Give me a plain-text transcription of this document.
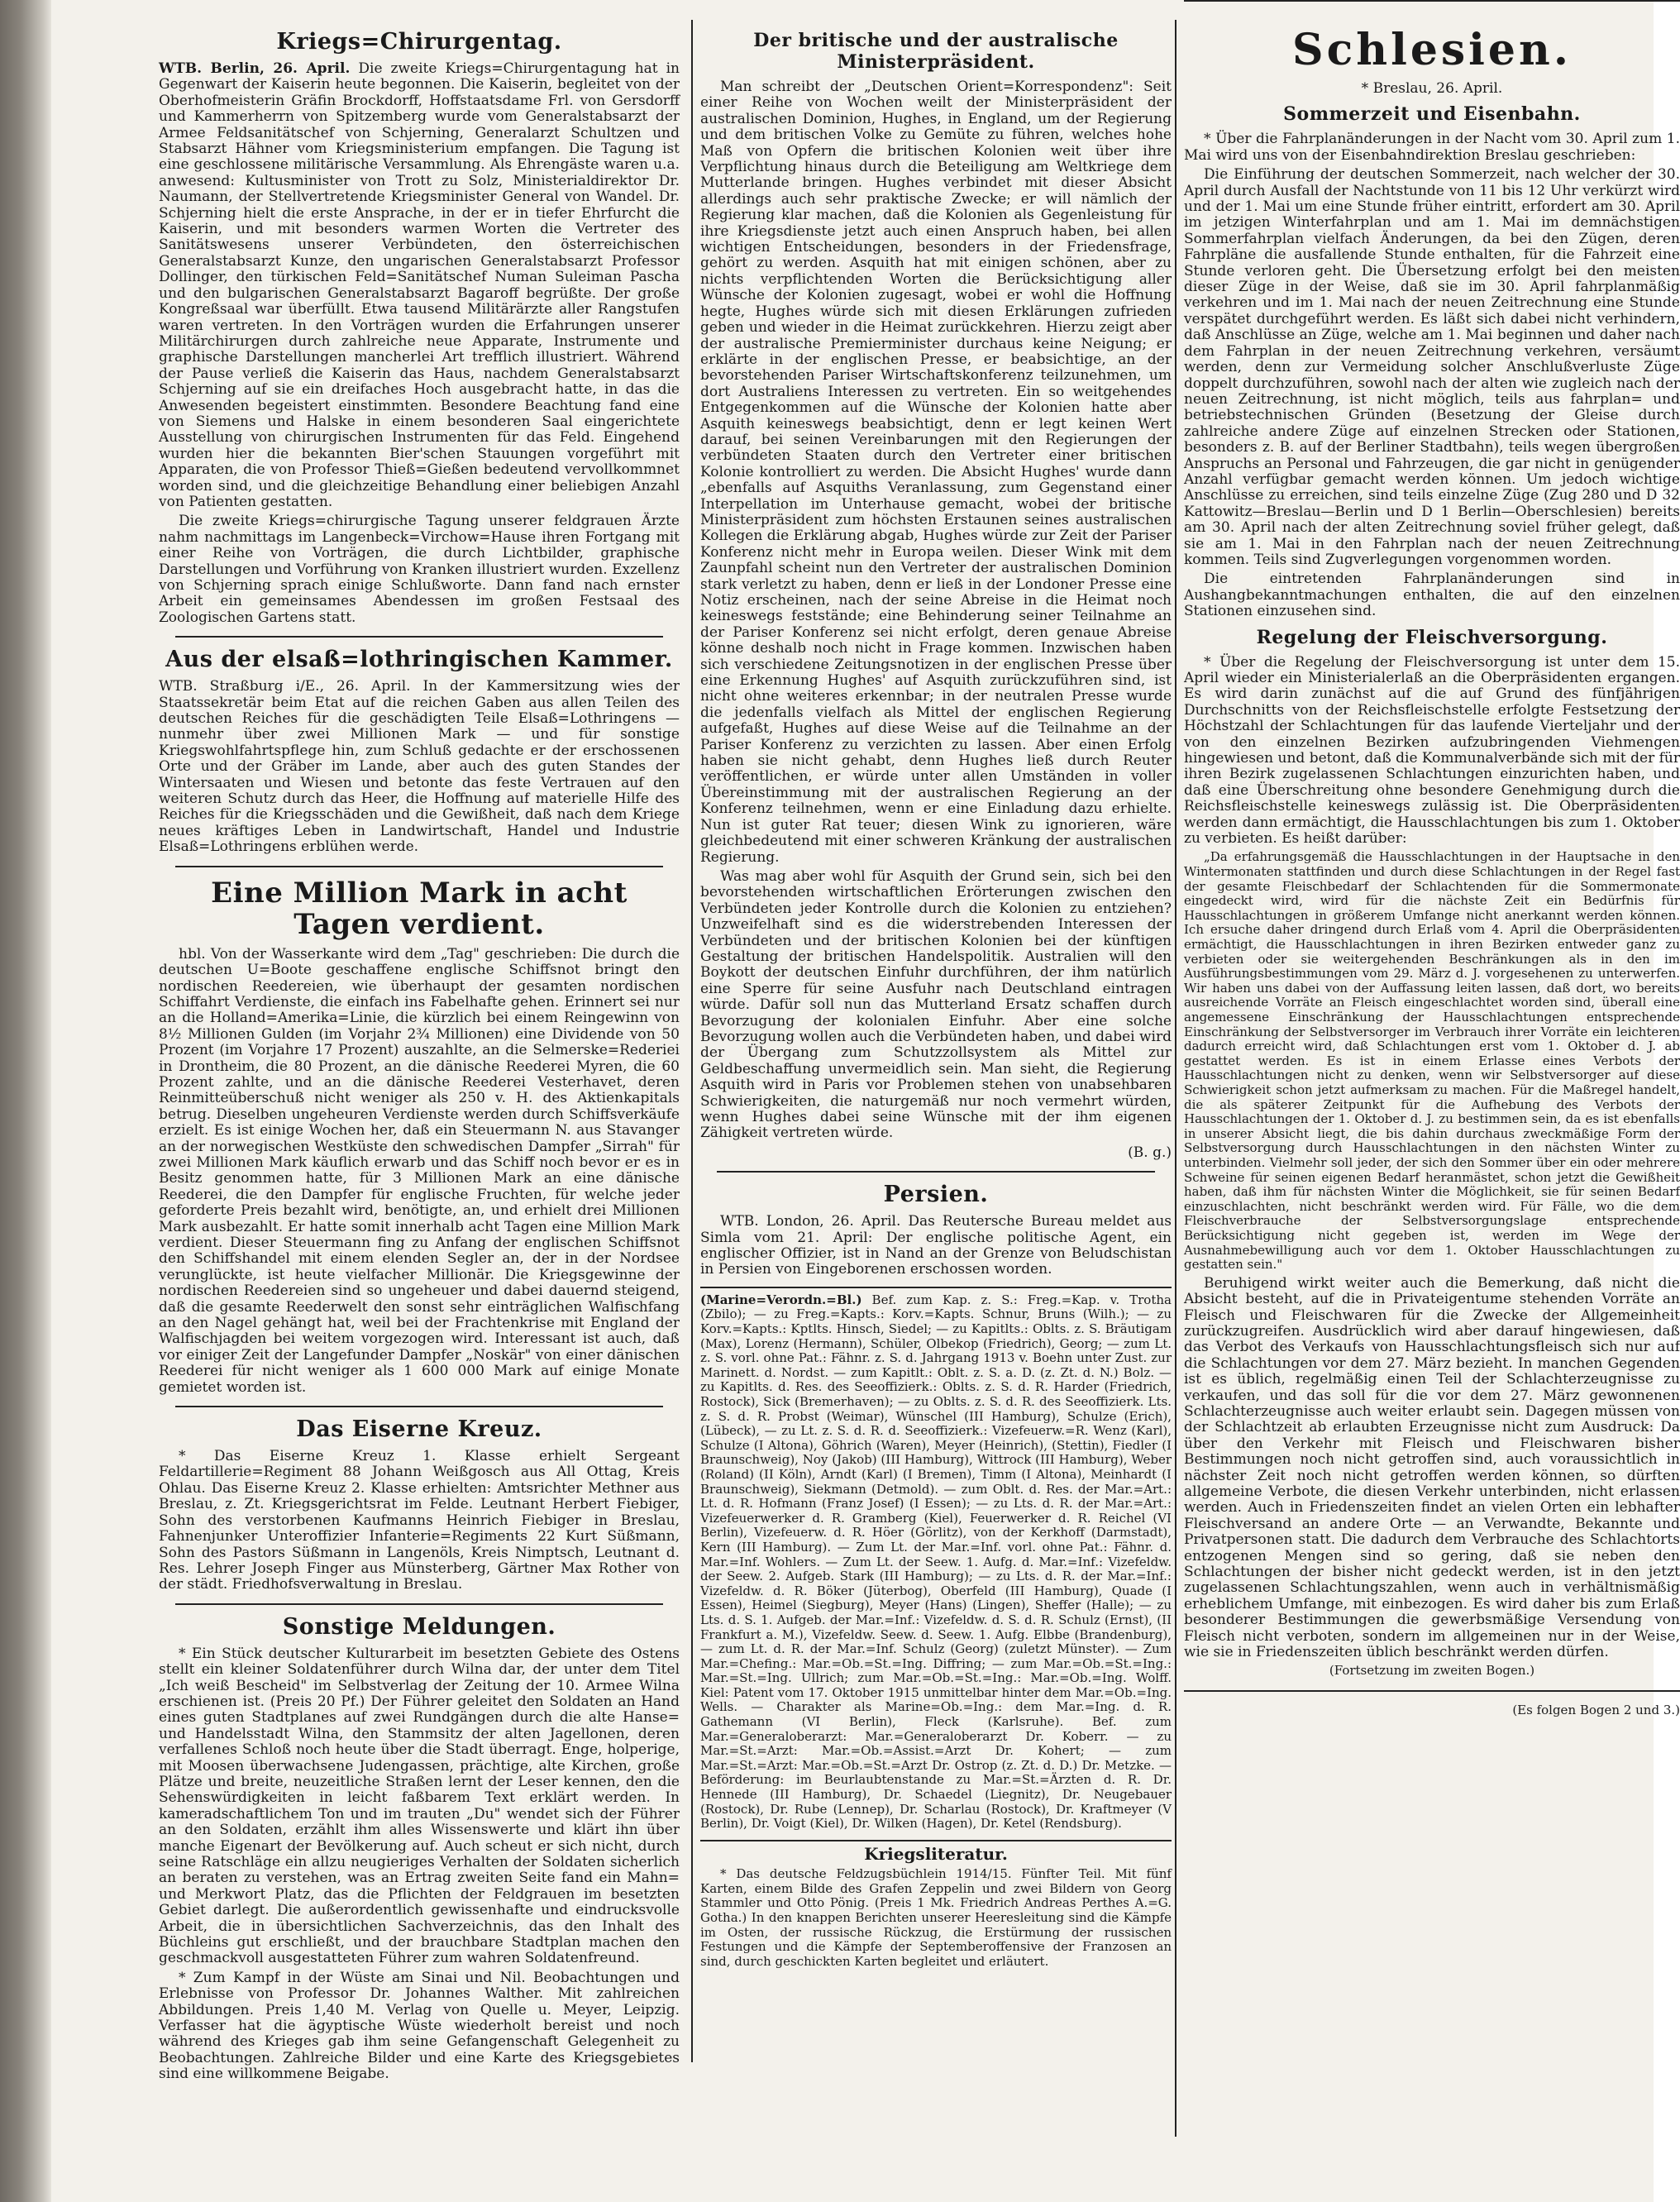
Kriegs=Chirurgentag.

WTB. Berlin, 26. April. Die zweite Kriegs=Chirurgentagung hat in Gegenwart der Kaiserin heute begonnen. Die Kaiserin, begleitet von der Oberhofmeisterin Gräfin Brockdorff, Hoffstaatsdame Frl. von Gersdorff und Kammerherrn von Spitzemberg wurde vom Generalstabsarzt der Armee Feldsanitätschef von Schjerning, Generalarzt Schultzen und Stabsarzt Hähner vom Kriegsministerium empfangen. Die Tagung ist eine geschlossene militärische Versammlung. Als Ehrengäste waren u.a. anwesend: Kultusminister von Trott zu Solz, Ministerialdirektor Dr. Naumann, der Stellvertretende Kriegsminister General von Wandel. Dr. Schjerning hielt die erste Ansprache, in der er in tiefer Ehrfurcht die Kaiserin, und mit besonders warmen Worten die Vertreter des Sanitätswesens unserer Verbündeten, den österreichischen Generalstabsarzt Kunze, den ungarischen Generalstabsarzt Professor Dollinger, den türkischen Feld=Sanitätschef Numan Suleiman Pascha und den bulgarischen Generalstabsarzt Bagaroff begrüßte. Der große Kongreßsaal war überfüllt. Etwa tausend Militärärzte aller Rangstufen waren vertreten. In den Vorträgen wurden die Erfahrungen unserer Militärchirurgen durch zahlreiche neue Apparate, Instrumente und graphische Darstellungen mancherlei Art trefflich illustriert. Während der Pause verließ die Kaiserin das Haus, nachdem Generalstabsarzt Schjerning auf sie ein dreifaches Hoch ausgebracht hatte, in das die Anwesenden begeistert einstimmten. Besondere Beachtung fand eine von Siemens und Halske in einem besonderen Saal eingerichtete Ausstellung von chirurgischen Instrumenten für das Feld. Eingehend wurden hier die bekannten Bier'schen Stauungen vorgeführt mit Apparaten, die von Professor Thieß=Gießen bedeutend vervollkommnet worden sind, und die gleichzeitige Behandlung einer beliebigen Anzahl von Patienten gestatten.

Die zweite Kriegs=chirurgische Tagung unserer feldgrauen Ärzte nahm nachmittags im Langenbeck=Virchow=Hause ihren Fortgang mit einer Reihe von Vorträgen, die durch Lichtbilder, graphische Darstellungen und Vorführung von Kranken illustriert wurden. Exzellenz von Schjerning sprach einige Schlußworte. Dann fand nach ernster Arbeit ein gemeinsames Abendessen im großen Festsaal des Zoologischen Gartens statt.

Aus der elsaß=lothringischen Kammer.

WTB. Straßburg i/E., 26. April. In der Kammersitzung wies der Staatssekretär beim Etat auf die reichen Gaben aus allen Teilen des deutschen Reiches für die geschädigten Teile Elsaß=Lothringens — nunmehr über zwei Millionen Mark — und für sonstige Kriegswohlfahrtspflege hin, zum Schluß gedachte er der erschossenen Orte und der Gräber im Lande, aber auch des guten Standes der Wintersaaten und Wiesen und betonte das feste Vertrauen auf den weiteren Schutz durch das Heer, die Hoffnung auf materielle Hilfe des Reiches für die Kriegsschäden und die Gewißheit, daß nach dem Kriege neues kräftiges Leben in Landwirtschaft, Handel und Industrie Elsaß=Lothringens erblühen werde.

Eine Million Mark in acht Tagen verdient.

hbl. Von der Wasserkante wird dem „Tag" geschrieben: Die durch die deutschen U=Boote geschaffene englische Schiffsnot bringt den nordischen Reedereien, wie überhaupt der gesamten nordischen Schiffahrt Verdienste, die einfach ins Fabelhafte gehen. Erinnert sei nur an die Holland=Amerika=Linie, die kürzlich bei einem Reingewinn von 8½ Millionen Gulden (im Vorjahr 2¾ Millionen) eine Dividende von 50 Prozent (im Vorjahre 17 Prozent) auszahlte, an die Selmerske=Rederiei in Drontheim, die 80 Prozent, an die dänische Reederei Myren, die 60 Prozent zahlte, und an die dänische Reederei Vesterhavet, deren Reinmitteüberschuß nicht weniger als 250 v. H. des Aktienkapitals betrug. Dieselben ungeheuren Verdienste werden durch Schiffsverkäufe erzielt. Es ist einige Wochen her, daß ein Steuermann N. aus Stavanger an der norwegischen Westküste den schwedischen Dampfer „Sirrah" für zwei Millionen Mark käuflich erwarb und das Schiff noch bevor er es in Besitz genommen hatte, für 3 Millionen Mark an eine dänische Reederei, die den Dampfer für englische Fruchten, für welche jeder geforderte Preis bezahlt wird, benötigte, an, und erhielt drei Millionen Mark ausbezahlt. Er hatte somit innerhalb acht Tagen eine Million Mark verdient. Dieser Steuermann fing zu Anfang der englischen Schiffsnot den Schiffshandel mit einem elenden Segler an, der in der Nordsee verunglückte, ist heute vielfacher Millionär. Die Kriegsgewinne der nordischen Reedereien sind so ungeheuer und dabei dauernd steigend, daß die gesamte Reederwelt den sonst sehr einträglichen Walfischfang an den Nagel gehängt hat, weil bei der Frachtenkrise mit England der Walfischjagden bei weitem vorgezogen wird. Interessant ist auch, daß vor einiger Zeit der Langefunder Dampfer „Noskär" von einer dänischen Reederei für nicht weniger als 1 600 000 Mark auf einige Monate gemietet worden ist.

Das Eiserne Kreuz.

* Das Eiserne Kreuz 1. Klasse erhielt Sergeant Feldartillerie=Regiment 88 Johann Weißgosch aus All Ottag, Kreis Ohlau. Das Eiserne Kreuz 2. Klasse erhielten: Amtsrichter Methner aus Breslau, z. Zt. Kriegsgerichtsrat im Felde. Leutnant Herbert Fiebiger, Sohn des verstorbenen Kaufmanns Heinrich Fiebiger in Breslau, Fahnenjunker Unteroffizier Infanterie=Regiments 22 Kurt Süßmann, Sohn des Pastors Süßmann in Langenöls, Kreis Nimptsch, Leutnant d. Res. Lehrer Joseph Finger aus Münsterberg, Gärtner Max Rother von der städt. Friedhofsverwaltung in Breslau.

Sonstige Meldungen.

* Ein Stück deutscher Kulturarbeit im besetzten Gebiete des Ostens stellt ein kleiner Soldatenführer durch Wilna dar, der unter dem Titel „Ich weiß Bescheid" im Selbstverlag der Zeitung der 10. Armee Wilna erschienen ist. (Preis 20 Pf.) Der Führer geleitet den Soldaten an Hand eines guten Stadtplanes auf zwei Rundgängen durch die alte Hanse= und Handelsstadt Wilna, den Stammsitz der alten Jagellonen, deren verfallenes Schloß noch heute über die Stadt überragt. Enge, holperige, mit Moosen überwachsene Judengassen, prächtige, alte Kirchen, große Plätze und breite, neuzeitliche Straßen lernt der Leser kennen, den die Sehenswürdigkeiten in leicht faßbarem Text erklärt werden. In kameradschaftlichem Ton und im trauten „Du" wendet sich der Führer an den Soldaten, erzählt ihm alles Wissenswerte und klärt ihn über manche Eigenart der Bevölkerung auf. Auch scheut er sich nicht, durch seine Ratschläge ein allzu neugieriges Verhalten der Soldaten sicherlich an beraten zu verstehen, was an Ertrag zweiten Seite fand ein Mahn= und Merkwort Platz, das die Pflichten der Feldgrauen im besetzten Gebiet darlegt. Die außerordentlich gewissenhafte und eindrucksvolle Arbeit, die in übersichtlichen Sachverzeichnis, das den Inhalt des Büchleins gut erschließt, und der brauchbare Stadtplan machen den geschmackvoll ausgestatteten Führer zum wahren Soldatenfreund.

* Zum Kampf in der Wüste am Sinai und Nil. Beobachtungen und Erlebnisse von Professor Dr. Johannes Walther. Mit zahlreichen Abbildungen. Preis 1,40 M. Verlag von Quelle u. Meyer, Leipzig. Verfasser hat die ägyptische Wüste wiederholt bereist und noch während des Krieges gab ihm seine Gefangenschaft Gelegenheit zu Beobachtungen. Zahlreiche Bilder und eine Karte des Kriegsgebietes sind eine willkommene Beigabe.

Der britische und der australische Ministerpräsident.

Man schreibt der „Deutschen Orient=Korrespondenz": Seit einer Reihe von Wochen weilt der Ministerpräsident der australischen Dominion, Hughes, in England, um der Regierung und dem britischen Volke zu Gemüte zu führen, welches hohe Maß von Opfern die britischen Kolonien weit über ihre Verpflichtung hinaus durch die Beteiligung am Weltkriege dem Mutterlande bringen. Hughes verbindet mit dieser Absicht allerdings auch sehr praktische Zwecke; er will nämlich der Regierung klar machen, daß die Kolonien als Gegenleistung für ihre Kriegsdienste jetzt auch einen Anspruch haben, bei allen wichtigen Entscheidungen, besonders in der Friedensfrage, gehört zu werden. Asquith hat mit einigen schönen, aber zu nichts verpflichtenden Worten die Berücksichtigung aller Wünsche der Kolonien zugesagt, wobei er wohl die Hoffnung hegte, Hughes würde sich mit diesen Erklärungen zufrieden geben und wieder in die Heimat zurückkehren. Hierzu zeigt aber der australische Premierminister durchaus keine Neigung; er erklärte in der englischen Presse, er beabsichtige, an der bevorstehenden Pariser Wirtschaftskonferenz teilzunehmen, um dort Australiens Interessen zu vertreten. Ein so weitgehendes Entgegenkommen auf die Wünsche der Kolonien hatte aber Asquith keineswegs beabsichtigt, denn er legt keinen Wert darauf, bei seinen Vereinbarungen mit den Regierungen der verbündeten Staaten durch den Vertreter einer britischen Kolonie kontrolliert zu werden. Die Absicht Hughes' wurde dann „ebenfalls auf Asquiths Veranlassung, zum Gegenstand einer Interpellation im Unterhause gemacht, wobei der britische Ministerpräsident zum höchsten Erstaunen seines australischen Kollegen die Erklärung abgab, Hughes würde zur Zeit der Pariser Konferenz nicht mehr in Europa weilen. Dieser Wink mit dem Zaunpfahl scheint nun den Vertreter der australischen Dominion stark verletzt zu haben, denn er ließ in der Londoner Presse eine Notiz erscheinen, nach der seine Abreise in die Heimat noch keineswegs feststände; eine Behinderung seiner Teilnahme an der Pariser Konferenz sei nicht erfolgt, deren genaue Abreise könne deshalb noch nicht in Frage kommen. Inzwischen haben sich verschiedene Zeitungsnotizen in der englischen Presse über eine Erkennung Hughes' auf Asquith zurückzuführen sind, ist nicht ohne weiteres erkennbar; in der neutralen Presse wurde die jedenfalls vielfach als Mittel der englischen Regierung aufgefaßt, Hughes auf diese Weise auf die Teilnahme an der Pariser Konferenz zu verzichten zu lassen. Aber einen Erfolg haben sie nicht gehabt, denn Hughes ließ durch Reuter veröffentlichen, er würde unter allen Umständen in voller Übereinstimmung mit der australischen Regierung an der Konferenz teilnehmen, wenn er eine Einladung dazu erhielte. Nun ist guter Rat teuer; diesen Wink zu ignorieren, wäre gleichbedeutend mit einer schweren Kränkung der australischen Regierung.

Was mag aber wohl für Asquith der Grund sein, sich bei den bevorstehenden wirtschaftlichen Erörterungen zwischen den Verbündeten jeder Kontrolle durch die Kolonien zu entziehen? Unzweifelhaft sind es die widerstrebenden Interessen der Verbündeten und der britischen Kolonien bei der künftigen Gestaltung der britischen Handelspolitik. Australien will den Boykott der deutschen Einfuhr durchführen, der ihm natürlich eine Sperre für seine Ausfuhr nach Deutschland eintragen würde. Dafür soll nun das Mutterland Ersatz schaffen durch Bevorzugung der kolonialen Einfuhr. Aber eine solche Bevorzugung wollen auch die Verbündeten haben, und dabei wird der Übergang zum Schutzzollsystem als Mittel zur Geldbeschaffung unvermeidlich sein. Man sieht, die Regierung Asquith wird in Paris vor Problemen stehen von unabsehbaren Schwierigkeiten, die naturgemäß nur noch vermehrt würden, wenn Hughes dabei seine Wünsche mit der ihm eigenen Zähigkeit vertreten würde.

(B. g.)

Persien.

WTB. London, 26. April. Das Reutersche Bureau meldet aus Simla vom 21. April: Der englische politische Agent, ein englischer Offizier, ist in Nand an der Grenze von Beludschistan in Persien von Eingeborenen erschossen worden.

(Marine=Verordn.=Bl.) Bef. zum Kap. z. S.: Freg.=Kap. v. Trotha (Zbilo); — zu Freg.=Kapts.: Korv.=Kapts. Schnur, Bruns (Wilh.); — zu Korv.=Kapts.: Kptlts. Hinsch, Siedel; — zu Kapitlts.: Oblts. z. S. Bräutigam (Max), Lorenz (Hermann), Schüler, Olbekop (Friedrich), Georg; — zum Lt. z. S. vorl. ohne Pat.: Fähnr. z. S. d. Jahrgang 1913 v. Boehn unter Zust. zur Marinett. d. Nordst. — zum Kapitlt.: Oblt. z. S. a. D. (z. Zt. d. N.) Bolz. — zu Kapitlts. d. Res. des Seeoffizierk.: Oblts. z. S. d. R. Harder (Friedrich, Rostock), Sick (Bremerhaven); — zu Oblts. z. S. d. R. des Seeoffizierk. Lts. z. S. d. R. Probst (Weimar), Wünschel (III Hamburg), Schulze (Erich), (Lübeck), — zu Lt. z. S. d. R. d. Seeoffizierk.: Vizefeuerw.=R. Wenz (Karl), Schulze (I Altona), Göhrich (Waren), Meyer (Heinrich), (Stettin), Fiedler (I Braunschweig), Noy (Jakob) (III Hamburg), Wittrock (III Hamburg), Weber (Roland) (II Köln), Arndt (Karl) (I Bremen), Timm (I Altona), Meinhardt (I Braunschweig), Siekmann (Detmold). — zum Oblt. d. Res. der Mar.=Art.: Lt. d. R. Hofmann (Franz Josef) (I Essen); — zu Lts. d. R. der Mar.=Art.: Vizefeuerwerker d. R. Gramberg (Kiel), Feuerwerker d. R. Reichel (VI Berlin), Vizefeuerw. d. R. Höer (Görlitz), von der Kerkhoff (Darmstadt), Kern (III Hamburg). — Zum Lt. der Mar.=Inf. vorl. ohne Pat.: Fähnr. d. Mar.=Inf. Wohlers. — Zum Lt. der Seew. 1. Aufg. d. Mar.=Inf.: Vizefeldw. der Seew. 2. Aufgeb. Stark (III Hamburg); — zu Lts. d. R. der Mar.=Inf.: Vizefeldw. d. R. Böker (Jüterbog), Oberfeld (III Hamburg), Quade (I Essen), Heimel (Siegburg), Meyer (Hans) (Lingen), Sheffer (Halle); — zu Lts. d. S. 1. Aufgeb. der Mar.=Inf.: Vizefeldw. d. S. d. R. Schulz (Ernst), (II Frankfurt a. M.), Vizefeldw. Seew. d. Seew. 1. Aufg. Elbbe (Brandenburg), — zum Lt. d. R. der Mar.=Inf. Schulz (Georg) (zuletzt Münster). — Zum Mar.=Chefing.: Mar.=Ob.=St.=Ing. Diffring; — zum Mar.=Ob.=St.=Ing.: Mar.=St.=Ing. Ullrich; zum Mar.=Ob.=St.=Ing.: Mar.=Ob.=Ing. Wolff. Kiel: Patent vom 17. Oktober 1915 unmittelbar hinter dem Mar.=Ob.=Ing. Wells. — Charakter als Marine=Ob.=Ing.: dem Mar.=Ing. d. R. Gathemann (VI Berlin), Fleck (Karlsruhe). Bef. zum Mar.=Generaloberarzt: Mar.=Generaloberarzt Dr. Koberr. — zu Mar.=St.=Arzt: Mar.=Ob.=Assist.=Arzt Dr. Kohert; — zum Mar.=St.=Arzt: Mar.=Ob.=St.=Arzt Dr. Ostrop (z. Zt. d. D.) Dr. Metzke. — Beförderung: im Beurlaubtenstande zu Mar.=St.=Ärzten d. R. Dr. Hennede (III Hamburg), Dr. Schaedel (Liegnitz), Dr. Neugebauer (Rostock), Dr. Rube (Lennep), Dr. Scharlau (Rostock), Dr. Kraftmeyer (V Berlin), Dr. Voigt (Kiel), Dr. Wilken (Hagen), Dr. Ketel (Rendsburg).

Kriegsliteratur.

* Das deutsche Feldzugsbüchlein 1914/15. Fünfter Teil. Mit fünf Karten, einem Bilde des Grafen Zeppelin und zwei Bildern von Georg Stammler und Otto Pönig. (Preis 1 Mk. Friedrich Andreas Perthes A.=G. Gotha.) In den knappen Berichten unserer Heeresleitung sind die Kämpfe im Osten, der russische Rückzug, die Erstürmung der russischen Festungen und die Kämpfe der Septemberoffensive der Franzosen an sind, durch geschickten Karten begleitet und erläutert.

Schlesien.

* Breslau, 26. April.

Sommerzeit und Eisenbahn.

* Über die Fahrplanänderungen in der Nacht vom 30. April zum 1. Mai wird uns von der Eisenbahndirektion Breslau geschrieben:

Die Einführung der deutschen Sommerzeit, nach welcher der 30. April durch Ausfall der Nachtstunde von 11 bis 12 Uhr verkürzt wird und der 1. Mai um eine Stunde früher eintritt, erfordert am 30. April im jetzigen Winterfahrplan und am 1. Mai im demnächstigen Sommerfahrplan vielfach Änderungen, da bei den Zügen, deren Fahrpläne die ausfallende Stunde enthalten, für die Fahrzeit eine Stunde verloren geht. Die Übersetzung erfolgt bei den meisten dieser Züge in der Weise, daß sie im 30. April fahrplanmäßig verkehren und im 1. Mai nach der neuen Zeitrechnung eine Stunde verspätet durchgeführt werden. Es läßt sich dabei nicht verhindern, daß Anschlüsse an Züge, welche am 1. Mai beginnen und daher nach dem Fahrplan in der neuen Zeitrechnung verkehren, versäumt werden, denn zur Vermeidung solcher Anschlußverluste Züge doppelt durchzuführen, sowohl nach der alten wie zugleich nach der neuen Zeitrechnung, ist nicht möglich, teils aus fahrplan= und betriebstechnischen Gründen (Besetzung der Gleise durch zahlreiche andere Züge auf einzelnen Strecken oder Stationen, besonders z. B. auf der Berliner Stadtbahn), teils wegen übergroßen Anspruchs an Personal und Fahrzeugen, die gar nicht in genügender Anzahl verfügbar gemacht werden können. Um jedoch wichtige Anschlüsse zu erreichen, sind teils einzelne Züge (Zug 280 und D 32 Kattowitz—Breslau—Berlin und D 1 Berlin—Oberschlesien) bereits am 30. April nach der alten Zeitrechnung soviel früher gelegt, daß sie am 1. Mai in den Fahrplan nach der neuen Zeitrechnung kommen. Teils sind Zugverlegungen vorgenommen worden.

Die eintretenden Fahrplanänderungen sind in Aushangbekanntmachungen enthalten, die auf den einzelnen Stationen einzusehen sind.

Regelung der Fleischversorgung.

* Über die Regelung der Fleischversorgung ist unter dem 15. April wieder ein Ministerialerlaß an die Oberpräsidenten ergangen. Es wird darin zunächst auf die auf Grund des fünfjährigen Durchschnitts von der Reichsfleischstelle erfolgte Festsetzung der Höchstzahl der Schlachtungen für das laufende Vierteljahr und der von den einzelnen Bezirken aufzubringenden Viehmengen hingewiesen und betont, daß die Kommunalverbände sich mit der für ihren Bezirk zugelassenen Schlachtungen einzurichten haben, und daß eine Überschreitung ohne besondere Genehmigung durch die Reichsfleischstelle keineswegs zulässig ist. Die Oberpräsidenten werden dann ermächtigt, die Hausschlachtungen bis zum 1. Oktober zu verbieten. Es heißt darüber:

„Da erfahrungsgemäß die Hausschlachtungen in der Hauptsache in den Wintermonaten stattfinden und durch diese Schlachtungen in der Regel fast der gesamte Fleischbedarf der Schlachtenden für die Sommermonate eingedeckt wird, wird für die nächste Zeit ein Bedürfnis für Hausschlachtungen in größerem Umfange nicht anerkannt werden können. Ich ersuche daher dringend durch Erlaß vom 4. April die Oberpräsidenten ermächtigt, die Hausschlachtungen in ihren Bezirken entweder ganz zu verbieten oder sie weitergehenden Beschränkungen als in den im Ausführungsbestimmungen vom 29. März d. J. vorgesehenen zu unterwerfen. Wir haben uns dabei von der Auffassung leiten lassen, daß dort, wo bereits ausreichende Vorräte an Fleisch eingeschlachtet worden sind, überall eine angemessene Einschränkung der Hausschlachtungen entsprechende Einschränkung der Selbstversorger im Verbrauch ihrer Vorräte ein leichteren dadurch erreicht wird, daß Schlachtungen erst vom 1. Oktober d. J. ab gestattet werden. Es ist in einem Erlasse eines Verbots der Hausschlachtungen nicht zu denken, wenn wir Selbstversorger auf diese Schwierigkeit schon jetzt aufmerksam zu machen. Für die Maßregel handelt, die als späterer Zeitpunkt für die Aufhebung des Verbots der Hausschlachtungen der 1. Oktober d. J. zu bestimmen sein, da es ist ebenfalls in unserer Absicht liegt, die bis dahin durchaus zweckmäßige Form der Selbstversorgung durch Hausschlachtungen in den nächsten Winter zu unterbinden. Vielmehr soll jeder, der sich den Sommer über ein oder mehrere Schweine für seinen eigenen Bedarf heranmästet, schon jetzt die Gewißheit haben, daß ihm für nächsten Winter die Möglichkeit, sie für seinen Bedarf einzuschlachten, nicht beschränkt werden wird. Für Fälle, wo die dem Fleischverbrauche der Selbstversorgungslage entsprechende Berücksichtigung nicht gegeben ist, werden im Wege der Ausnahmebewilligung auch vor dem 1. Oktober Hausschlachtungen zu gestatten sein."

Beruhigend wirkt weiter auch die Bemerkung, daß nicht die Absicht besteht, auf die in Privateigentume stehenden Vorräte an Fleisch und Fleischwaren für die Zwecke der Allgemeinheit zurückzugreifen. Ausdrücklich wird aber darauf hingewiesen, daß das Verbot des Verkaufs von Hausschlachtungsfleisch sich nur auf die Schlachtungen vor dem 27. März bezieht. In manchen Gegenden ist es üblich, regelmäßig einen Teil der Schlachterzeugnisse zu verkaufen, und das soll für die vor dem 27. März gewonnenen Schlachterzeugnisse auch weiter erlaubt sein. Dagegen müssen von der Schlachtzeit ab erlaubten Erzeugnisse nicht zum Ausdruck: Da über den Verkehr mit Fleisch und Fleischwaren bisher Bestimmungen noch nicht getroffen sind, auch voraussichtlich in nächster Zeit noch nicht getroffen werden können, so dürften allgemeine Verbote, die diesen Verkehr unterbinden, nicht erlassen werden. Auch in Friedenszeiten findet an vielen Orten ein lebhafter Fleischversand an andere Orte — an Verwandte, Bekannte und Privatpersonen statt. Die dadurch dem Verbrauche des Schlachtorts entzogenen Mengen sind so gering, daß sie neben den Schlachtungen der bisher nicht gedeckt werden, ist in den jetzt zugelassenen Schlachtungszahlen, wenn auch in verhältnismäßig erheblichem Umfange, mit einbezogen. Es wird daher bis zum Erlaß besonderer Bestimmungen die gewerbsmäßige Versendung von Fleisch nicht verboten, sondern im allgemeinen nur in der Weise, wie sie in Friedenszeiten üblich beschränkt werden dürfen.

(Fortsetzung im zweiten Bogen.)

(Es folgen Bogen 2 und 3.)
